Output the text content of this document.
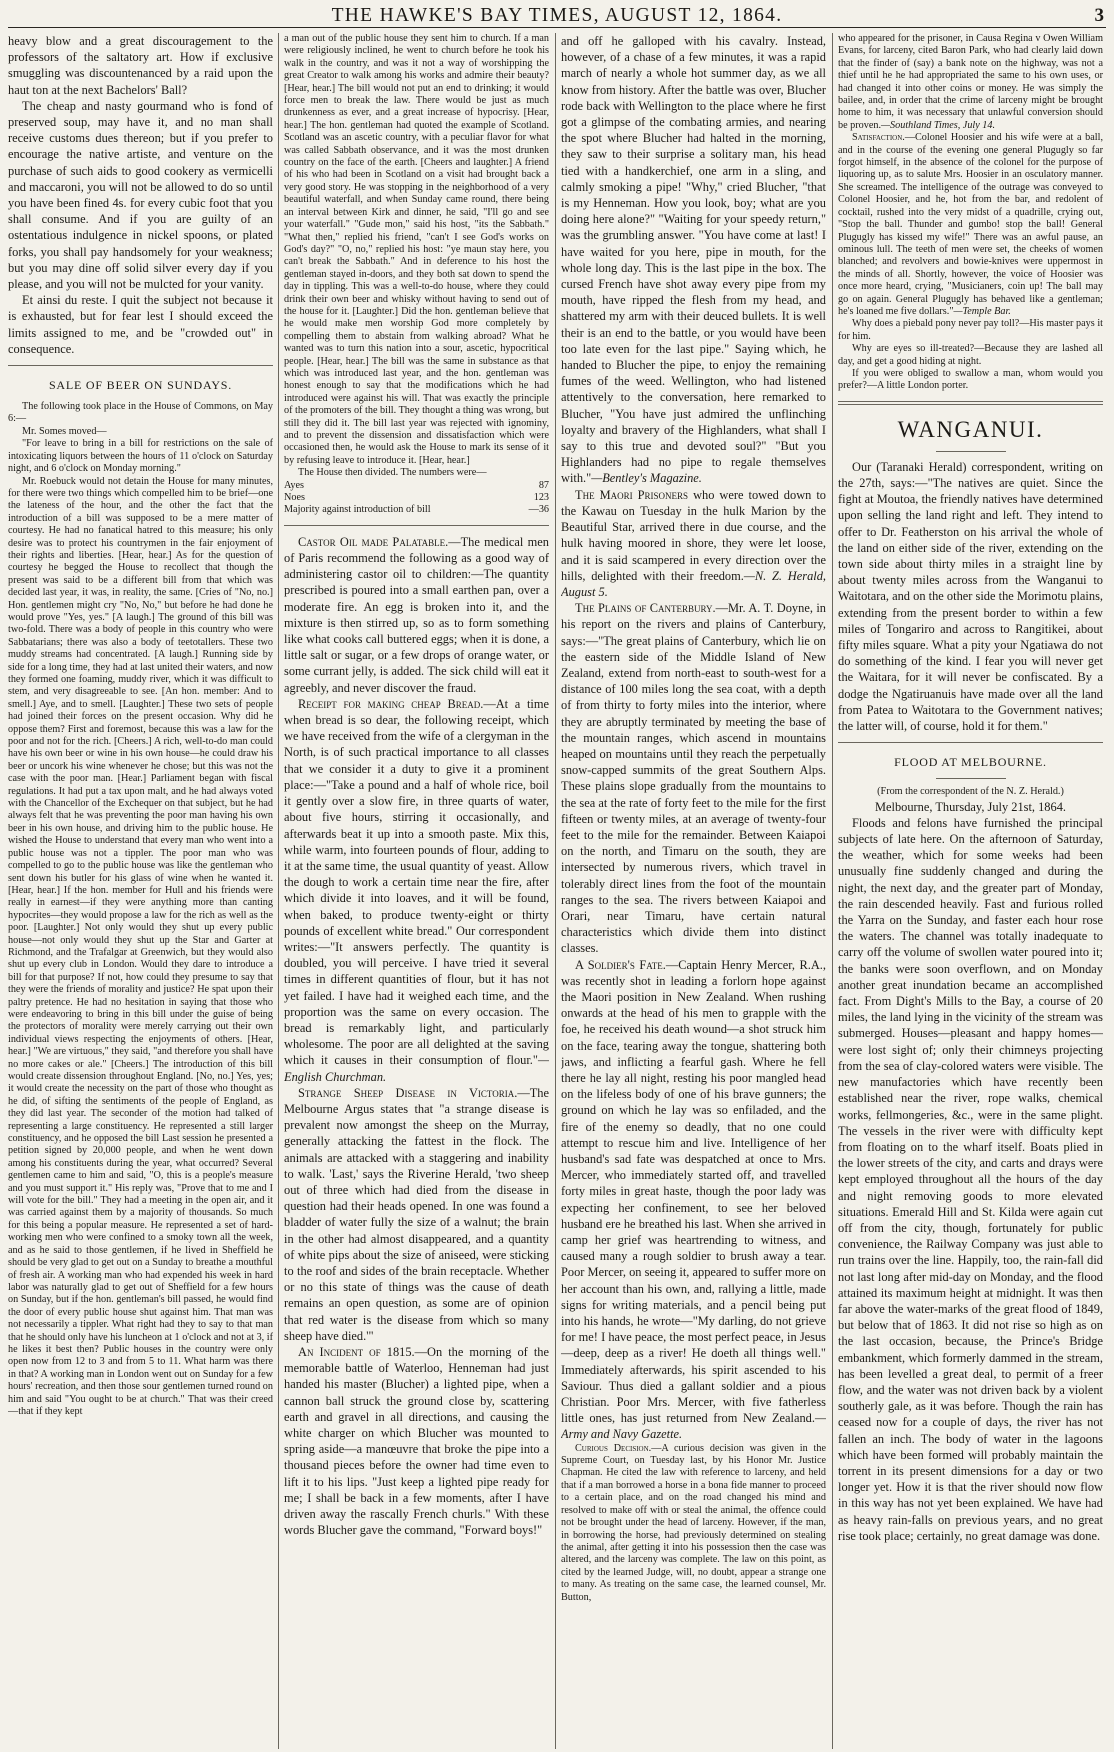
THE HAWKE'S BAY TIMES, AUGUST 12, 1864.	3

heavy blow and a great discouragement to the professors of the saltatory art. How if exclusive smuggling was discountenanced by a raid upon the haut ton at the next Bachelors' Ball?

The cheap and nasty gourmand who is fond of preserved soup, may have it, and no man shall receive customs dues thereon; but if you prefer to encourage the native artiste, and venture on the purchase of such aids to good cookery as vermicelli and maccaroni, you will not be allowed to do so until you have been fined 4s. for every cubic foot that you shall consume. And if you are guilty of an ostentatious indulgence in nickel spoons, or plated forks, you shall pay handsomely for your weakness; but you may dine off solid silver every day if you please, and you will not be mulcted for your vanity.

Et ainsi du reste. I quit the subject not because it is exhausted, but for fear lest I should exceed the limits assigned to me, and be "crowded out" in consequence.

SALE OF BEER ON SUNDAYS.

The following took place in the House of Commons, on May 6:—

Mr. Somes moved—

"For leave to bring in a bill for restrictions on the sale of intoxicating liquors between the hours of 11 o'clock on Saturday night, and 6 o'clock on Monday morning."

Mr. Roebuck would not detain the House for many minutes, for there were two things which compelled him to be brief—one the lateness of the hour, and the other the fact that the introduction of a bill was supposed to be a mere matter of courtesy. He had no fanatical hatred to this measure; his only desire was to protect his countrymen in the fair enjoyment of their rights and liberties. [Hear, hear.] As for the question of courtesy he begged the House to recollect that though the present was said to be a different bill from that which was decided last year, it was, in reality, the same. [Cries of "No, no.] Hon. gentlemen might cry "No, No," but before he had done he would prove "Yes, yes." [A laugh.] The ground of this bill was two-fold. There was a body of people in this country who were Sabbatarians; there was also a body of teetotallers. These two muddy streams had concentrated. [A laugh.] Running side by side for a long time, they had at last united their waters, and now they formed one foaming, muddy river, which it was difficult to stem, and very disagreeable to see. [An hon. member: And to smell.] Aye, and to smell. [Laughter.] These two sets of people had joined their forces on the present occasion. Why did he oppose them? First and foremost, because this was a law for the poor and not for the rich. [Cheers.] A rich, well-to-do man could have his own beer or wine in his own house—he could draw his beer or uncork his wine whenever he chose; but this was not the case with the poor man. [Hear.] Parliament began with fiscal regulations. It had put a tax upon malt, and he had always voted with the Chancellor of the Exchequer on that subject, but he had always felt that he was preventing the poor man having his own beer in his own house, and driving him to the public house. He wished the House to understand that every man who went into a public house was not a tippler. The poor man who was compelled to go to the public house was like the gentleman who sent down his butler for his glass of wine when he wanted it. [Hear, hear.] If the hon. member for Hull and his friends were really in earnest—if they were anything more than canting hypocrites—they would propose a law for the rich as well as the poor. [Laughter.] Not only would they shut up every public house—not only would they shut up the Star and Garter at Richmond, and the Trafalgar at Greenwich, but they would also shut up every club in London. Would they dare to introduce a bill for that purpose? If not, how could they presume to say that they were the friends of morality and justice? He spat upon their paltry pretence. He had no hesitation in saying that those who were endeavoring to bring in this bill under the guise of being the protectors of morality were merely carrying out their own individual views respecting the enjoyments of others. [Hear, hear.] "We are virtuous," they said, "and therefore you shall have no more cakes or ale." [Cheers.] The introduction of this bill would create dissension throughout England. [No, no.] Yes, yes; it would create the necessity on the part of those who thought as he did, of sifting the sentiments of the people of England, as they did last year. The seconder of the motion had talked of representing a large constituency. He represented a still larger constituency, and he opposed the bill Last session he presented a petition signed by 20,000 people, and when he went down among his constituents during the year, what occurred? Several gentlemen came to him and said, "O, this is a people's measure and you must support it." His reply was, "Prove that to me and I will vote for the bill." They had a meeting in the open air, and it was carried against them by a majority of thousands. So much for this being a popular measure. He represented a set of hard-working men who were confined to a smoky town all the week, and as he said to those gentlemen, if he lived in Sheffield he should be very glad to get out on a Sunday to breathe a mouthful of fresh air. A working man who had expended his week in hard labor was naturally glad to get out of Sheffield for a few hours on Sunday, but if the hon. gentleman's bill passed, he would find the door of every public house shut against him. That man was not necessarily a tippler. What right had they to say to that man that he should only have his luncheon at 1 o'clock and not at 3, if he likes it best then? Public houses in the country were only open now from 12 to 3 and from 5 to 11. What harm was there in that? A working man in London went out on Sunday for a few hours' recreation, and then those sour gentlemen turned round on him and said "You ought to be at church." That was their creed—that if they kept

a man out of the public house they sent him to church. If a man were religiously inclined, he went to church before he took his walk in the country, and was it not a way of worshipping the great Creator to walk among his works and admire their beauty? [Hear, hear.] The bill would not put an end to drinking; it would force men to break the law. There would be just as much drunkenness as ever, and a great increase of hypocrisy. [Hear, hear.] The hon. gentleman had quoted the example of Scotland. Scotland was an ascetic country, with a peculiar flavor for what was called Sabbath observance, and it was the most drunken country on the face of the earth. [Cheers and laughter.] A friend of his who had been in Scotland on a visit had brought back a very good story. He was stopping in the neighborhood of a very beautiful waterfall, and when Sunday came round, there being an interval between Kirk and dinner, he said, "I'll go and see your waterfall." "Gude mon," said his host, "its the Sabbath." "What then," replied his friend, "can't I see God's works on God's day?" "O, no," replied his host: "ye maun stay here, you can't break the Sabbath." And in deference to his host the gentleman stayed in-doors, and they both sat down to spend the day in tippling. This was a well-to-do house, where they could drink their own beer and whisky without having to send out of the house for it. [Laughter.] Did the hon. gentleman believe that he would make men worship God more completely by compelling them to abstain from walking abroad? What he wanted was to turn this nation into a sour, ascetic, hypocritical people. [Hear, hear.] The bill was the same in substance as that which was introduced last year, and the hon. gentleman was honest enough to say that the modifications which he had introduced were against his will. That was exactly the principle of the promoters of the bill. They thought a thing was wrong, but still they did it. The bill last year was rejected with ignominy, and to prevent the dissension and dissatisfaction which were occasioned then, he would ask the House to mark its sense of it by refusing leave to introduce it. [Hear, hear.]

The House then divided. The numbers were—

Ayes	87
Noes	123
Majority against introduction of bill	—36

Castor Oil made Palatable.—The medical men of Paris recommend the following as a good way of administering castor oil to children:—The quantity prescribed is poured into a small earthen pan, over a moderate fire. An egg is broken into it, and the mixture is then stirred up, so as to form something like what cooks call buttered eggs; when it is done, a little salt or sugar, or a few drops of orange water, or some currant jelly, is added. The sick child will eat it agreebly, and never discover the fraud.

Receipt for making cheap Bread.—At a time when bread is so dear, the following receipt, which we have received from the wife of a clergyman in the North, is of such practical importance to all classes that we consider it a duty to give it a prominent place:—"Take a pound and a half of whole rice, boil it gently over a slow fire, in three quarts of water, about five hours, stirring it occasionally, and afterwards beat it up into a smooth paste. Mix this, while warm, into fourteen pounds of flour, adding to it at the same time, the usual quantity of yeast. Allow the dough to work a certain time near the fire, after which divide it into loaves, and it will be found, when baked, to produce twenty-eight or thirty pounds of excellent white bread." Our correspondent writes:—"It answers perfectly. The quantity is doubled, you will perceive. I have tried it several times in different quantities of flour, but it has not yet failed. I have had it weighed each time, and the proportion was the same on every occasion. The bread is remarkably light, and particularly wholesome. The poor are all delighted at the saving which it causes in their consumption of flour."—English Churchman.

Strange Sheep Disease in Victoria.—The Melbourne Argus states that "a strange disease is prevalent now amongst the sheep on the Murray, generally attacking the fattest in the flock. The animals are attacked with a staggering and inability to walk. 'Last,' says the Riverine Herald, 'two sheep out of three which had died from the disease in question had their heads opened. In one was found a bladder of water fully the size of a walnut; the brain in the other had almost disappeared, and a quantity of white pips about the size of aniseed, were sticking to the roof and sides of the brain receptacle. Whether or no this state of things was the cause of death remains an open question, as some are of opinion that red water is the disease from which so many sheep have died.'"

An Incident of 1815.—On the morning of the memorable battle of Waterloo, Henneman had just handed his master (Blucher) a lighted pipe, when a cannon ball struck the ground close by, scattering earth and gravel in all directions, and causing the white charger on which Blucher was mounted to spring aside—a manœuvre that broke the pipe into a thousand pieces before the owner had time even to lift it to his lips. "Just keep a lighted pipe ready for me; I shall be back in a few moments, after I have driven away the rascally French churls." With these words Blucher gave the command, "Forward boys!"

and off he galloped with his cavalry. Instead, however, of a chase of a few minutes, it was a rapid march of nearly a whole hot summer day, as we all know from history. After the battle was over, Blucher rode back with Wellington to the place where he first got a glimpse of the combating armies, and nearing the spot where Blucher had halted in the morning, they saw to their surprise a solitary man, his head tied with a handkerchief, one arm in a sling, and calmly smoking a pipe! "Why," cried Blucher, "that is my Henneman. How you look, boy; what are you doing here alone?" "Waiting for your speedy return," was the grumbling answer. "You have come at last! I have waited for you here, pipe in mouth, for the whole long day. This is the last pipe in the box. The cursed French have shot away every pipe from my mouth, have ripped the flesh from my head, and shattered my arm with their deuced bullets. It is well their is an end to the battle, or you would have been too late even for the last pipe." Saying which, he handed to Blucher the pipe, to enjoy the remaining fumes of the weed. Wellington, who had listened attentively to the conversation, here remarked to Blucher, "You have just admired the unflinching loyalty and bravery of the Highlanders, what shall I say to this true and devoted soul?" "But you Highlanders had no pipe to regale themselves with."—Bentley's Magazine.

The Maori Prisoners who were towed down to the Kawau on Tuesday in the hulk Marion by the Beautiful Star, arrived there in due course, and the hulk having moored in shore, they were let loose, and it is said scampered in every direction over the hills, delighted with their freedom.—N. Z. Herald, August 5.

The Plains of Canterbury.—Mr. A. T. Doyne, in his report on the rivers and plains of Canterbury, says:—"The great plains of Canterbury, which lie on the eastern side of the Middle Island of New Zealand, extend from north-east to south-west for a distance of 100 miles long the sea coat, with a depth of from thirty to forty miles into the interior, where they are abruptly terminated by meeting the base of the mountain ranges, which ascend in mountains heaped on mountains until they reach the perpetually snow-capped summits of the great Southern Alps. These plains slope gradually from the mountains to the sea at the rate of forty feet to the mile for the first fifteen or twenty miles, at an average of twenty-four feet to the mile for the remainder. Between Kaiapoi on the north, and Timaru on the south, they are intersected by numerous rivers, which travel in tolerably direct lines from the foot of the mountain ranges to the sea. The rivers between Kaiapoi and Orari, near Timaru, have certain natural characteristics which divide them into distinct classes.

A Soldier's Fate.—Captain Henry Mercer, R.A., was recently shot in leading a forlorn hope against the Maori position in New Zealand. When rushing onwards at the head of his men to grapple with the foe, he received his death wound—a shot struck him on the face, tearing away the tongue, shattering both jaws, and inflicting a fearful gash. Where he fell there he lay all night, resting his poor mangled head on the lifeless body of one of his brave gunners; the ground on which he lay was so enfiladed, and the fire of the enemy so deadly, that no one could attempt to rescue him and live. Intelligence of her husband's sad fate was despatched at once to Mrs. Mercer, who immediately started off, and travelled forty miles in great haste, though the poor lady was expecting her confinement, to see her beloved husband ere he breathed his last. When she arrived in camp her grief was heartrending to witness, and caused many a rough soldier to brush away a tear. Poor Mercer, on seeing it, appeared to suffer more on her account than his own, and, rallying a little, made signs for writing materials, and a pencil being put into his hands, he wrote—"My darling, do not grieve for me! I have peace, the most perfect peace, in Jesus—deep, deep as a river! He doeth all things well." Immediately afterwards, his spirit ascended to his Saviour. Thus died a gallant soldier and a pious Christian. Poor Mrs. Mercer, with five fatherless little ones, has just returned from New Zealand.—Army and Navy Gazette.

Curious Decision.—A curious decision was given in the Supreme Court, on Tuesday last, by his Honor Mr. Justice Chapman. He cited the law with reference to larceny, and held that if a man borrowed a horse in a bona fide manner to proceed to a certain place, and on the road changed his mind and resolved to make off with or steal the animal, the offence could not be brought under the head of larceny. However, if the man, in borrowing the horse, had previously determined on stealing the animal, after getting it into his possession then the case was altered, and the larceny was complete. The law on this point, as cited by the learned Judge, will, no doubt, appear a strange one to many. As treating on the same case, the learned counsel, Mr. Button,

who appeared for the prisoner, in Causa Regina v Owen William Evans, for larceny, cited Baron Park, who had clearly laid down that the finder of (say) a bank note on the highway, was not a thief until he he had appropriated the same to his own uses, or had changed it into other coins or money. He was simply the bailee, and, in order that the crime of larceny might be brought home to him, it was necessary that unlawful conversion should be proven.—Southland Times, July 14.

Satisfaction.—Colonel Hoosier and his wife were at a ball, and in the course of the evening one general Plugugly so far forgot himself, in the absence of the colonel for the purpose of liquoring up, as to salute Mrs. Hoosier in an osculatory manner. She screamed. The intelligence of the outrage was conveyed to Colonel Hoosier, and he, hot from the bar, and redolent of cocktail, rushed into the very midst of a quadrille, crying out, "Stop the ball. Thunder and gumbo! stop the ball! General Plugugly has kissed my wife!" There was an awful pause, an ominous lull. The teeth of men were set, the cheeks of women blanched; and revolvers and bowie-knives were uppermost in the minds of all. Shortly, however, the voice of Hoosier was once more heard, crying, "Musicianers, coin up! The ball may go on again. General Plugugly has behaved like a gentleman; he's loaned me five dollars."—Temple Bar.

Why does a piebald pony never pay toll?—His master pays it for him.

Why are eyes so ill-treated?—Because they are lashed all day, and get a good hiding at night.

If you were obliged to swallow a man, whom would you prefer?—A little London porter.

WANGANUI.

Our (Taranaki Herald) correspondent, writing on the 27th, says:—"The natives are quiet. Since the fight at Moutoa, the friendly natives have determined upon selling the land right and left. They intend to offer to Dr. Featherston on his arrival the whole of the land on either side of the river, extending on the town side about thirty miles in a straight line by about twenty miles across from the Wanganui to Waitotara, and on the other side the Morimotu plains, extending from the present border to within a few miles of Tongariro and across to Rangitikei, about fifty miles square. What a pity your Ngatiawa do not do something of the kind. I fear you will never get the Waitara, for it will never be confiscated. By a dodge the Ngatiruanuis have made over all the land from Patea to Waitotara to the Government natives; the latter will, of course, hold it for them."

FLOOD AT MELBOURNE.

(From the correspondent of the N. Z. Herald.)

Melbourne, Thursday, July 21st, 1864.

Floods and felons have furnished the principal subjects of late here. On the afternoon of Saturday, the weather, which for some weeks had been unusually fine suddenly changed and during the night, the next day, and the greater part of Monday, the rain descended heavily. Fast and furious rolled the Yarra on the Sunday, and faster each hour rose the waters. The channel was totally inadequate to carry off the volume of swollen water poured into it; the banks were soon overflown, and on Monday another great inundation became an accomplished fact. From Dight's Mills to the Bay, a course of 20 miles, the land lying in the vicinity of the stream was submerged. Houses—pleasant and happy homes—were lost sight of; only their chimneys projecting from the sea of clay-colored waters were visible. The new manufactories which have recently been established near the river, rope walks, chemical works, fellmongeries, &c., were in the same plight. The vessels in the river were with difficulty kept from floating on to the wharf itself. Boats plied in the lower streets of the city, and carts and drays were kept employed throughout all the hours of the day and night removing goods to more elevated situations. Emerald Hill and St. Kilda were again cut off from the city, though, fortunately for public convenience, the Railway Company was just able to run trains over the line. Happily, too, the rain-fall did not last long after mid-day on Monday, and the flood attained its maximum height at midnight. It was then far above the water-marks of the great flood of 1849, but below that of 1863. It did not rise so high as on the last occasion, because, the Prince's Bridge embankment, which formerly dammed in the stream, has been levelled a great deal, to permit of a freer flow, and the water was not driven back by a violent southerly gale, as it was before. Though the rain has ceased now for a couple of days, the river has not fallen an inch. The body of water in the lagoons which have been formed will probably maintain the torrent in its present dimensions for a day or two longer yet. How it is that the river should now flow in this way has not yet been explained. We have had as heavy rain-falls on previous years, and no great rise took place; certainly, no great damage was done.
